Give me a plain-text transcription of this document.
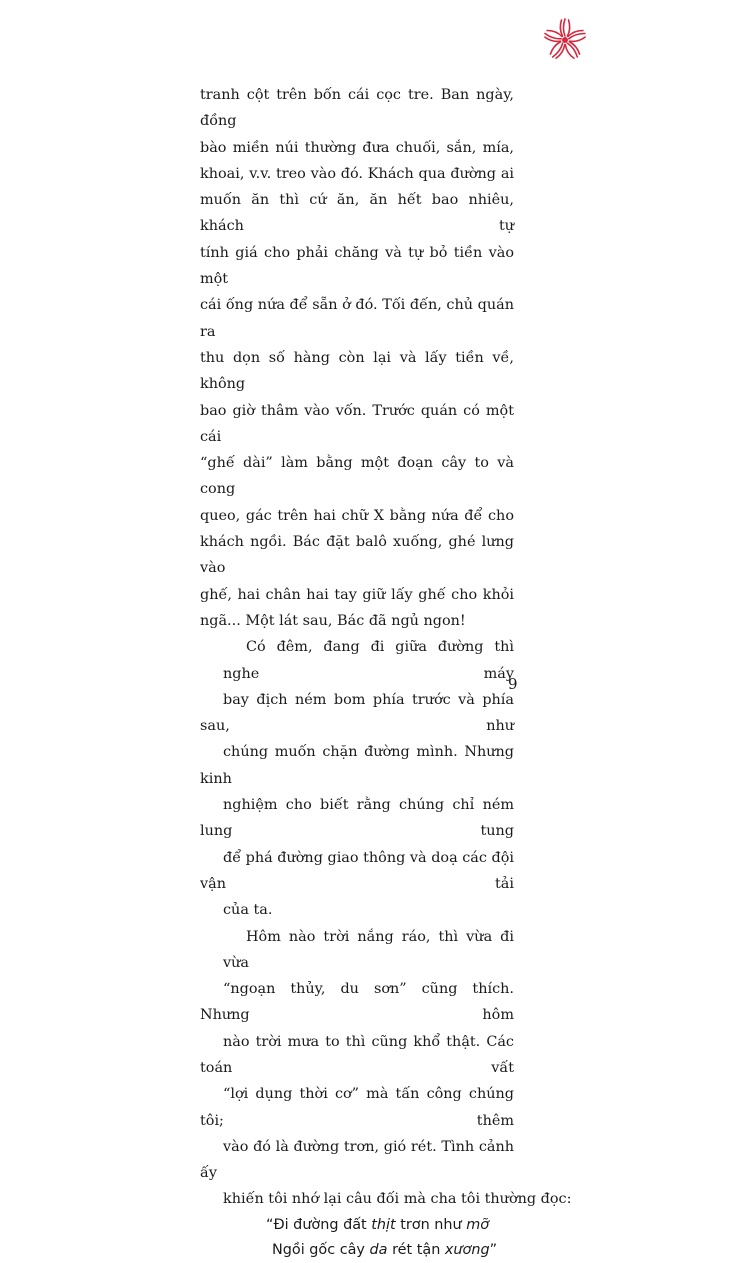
tranh cột trên bốn cái cọc tre. Ban ngày, đồng
bào miền núi thường đưa chuối, sắn, mía,
khoai, v.v. treo vào đó. Khách qua đường ai
muốn ăn thì cứ ăn, ăn hết bao nhiêu, khách tự
tính giá cho phải chăng và tự bỏ tiền vào một
cái ống nứa để sẵn ở đó. Tối đến, chủ quán ra
thu dọn số hàng còn lại và lấy tiền về, không
bao giờ thâm vào vốn. Trước quán có một cái
“ghế dài” làm bằng một đoạn cây to và cong
queo, gác trên hai chữ X bằng nứa để cho
khách ngồi. Bác đặt balô xuống, ghé lưng vào
ghế, hai chân hai tay giữ lấy ghế cho khỏi
ngã... Một lát sau, Bác đã ngủ ngon!
Có đêm, đang đi giữa đường thì nghe máy
bay địch ném bom phía trước và phía sau, như
chúng muốn chặn đường mình. Nhưng kinh
nghiệm cho biết rằng chúng chỉ ném lung tung
để phá đường giao thông và doạ các đội vận tải
của ta.
Hôm nào trời nắng ráo, thì vừa đi vừa
“ngoạn thủy, du sơn” cũng thích. Nhưng hôm
nào trời mưa to thì cũng khổ thật. Các toán vất
“lợi dụng thời cơ” mà tấn công chúng tôi; thêm
vào đó là đường trơn, gió rét. Tình cảnh ấy
khiến tôi nhớ lại câu đối mà cha tôi thường đọc:
“Đi đường đất thịt trơn như mỡ
Ngồi gốc cây da rét tận xương”
9
